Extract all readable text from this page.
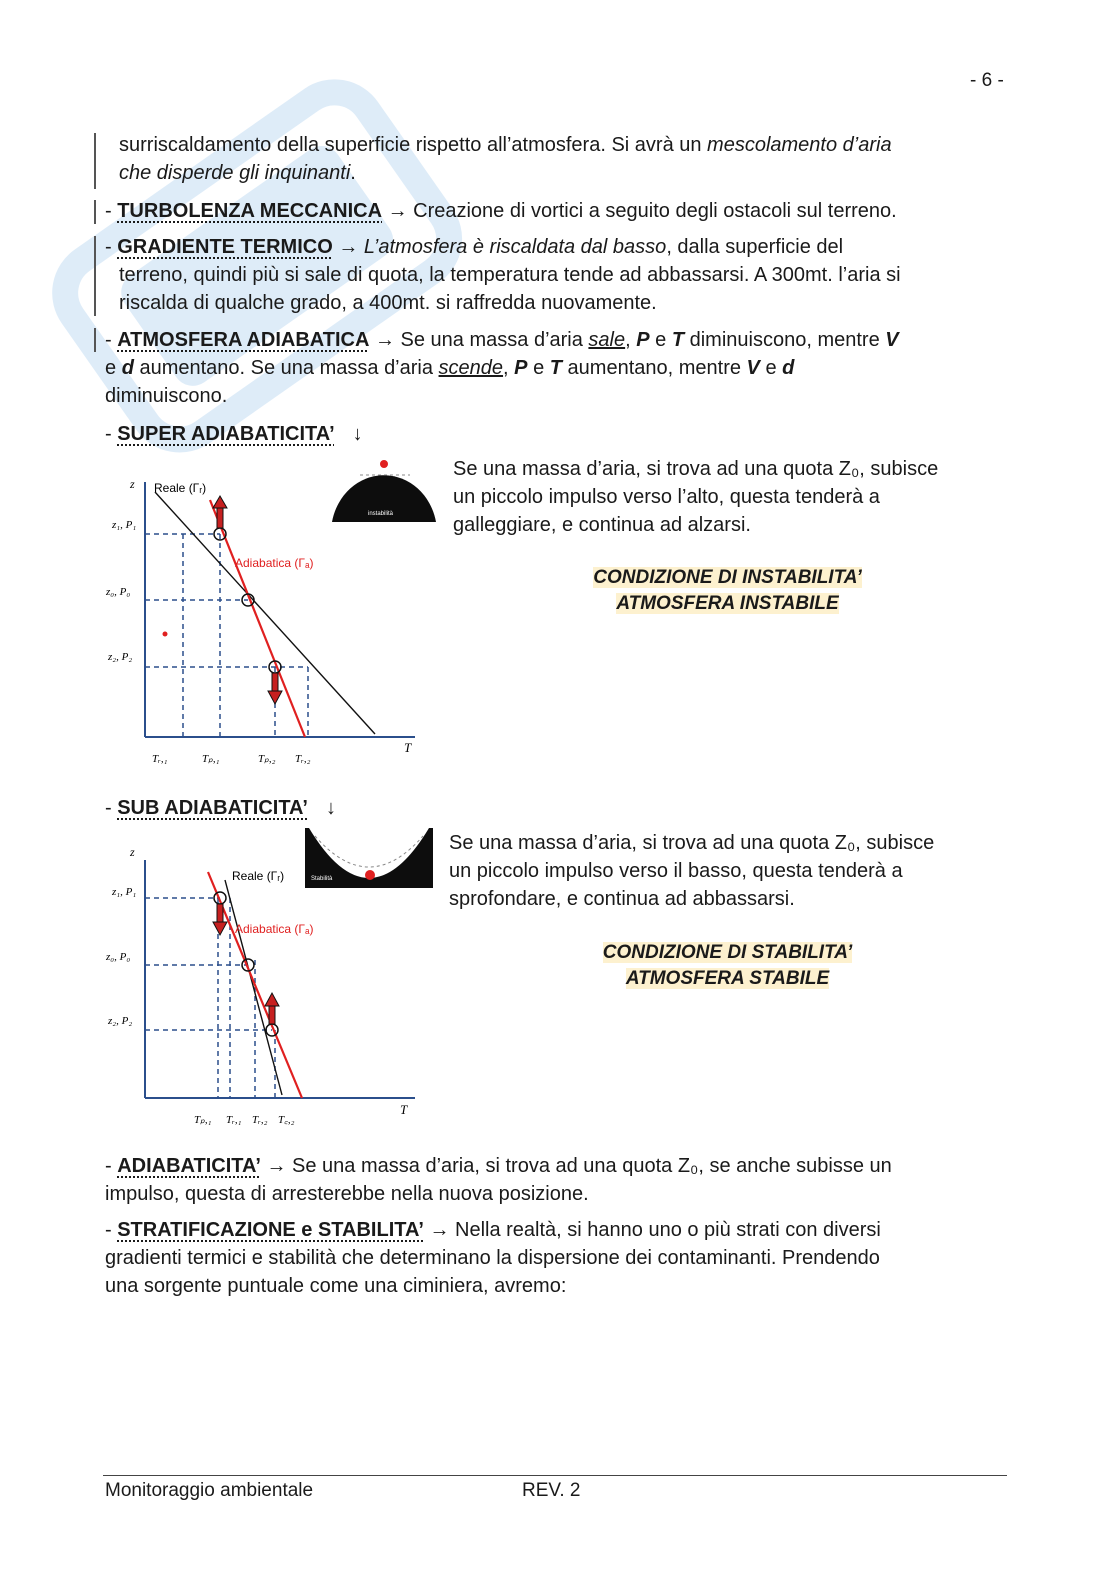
- 6 -
surriscaldamento della superficie rispetto all’atmosfera. Si avrà un mescolamento d’aria
che disperde gli inquinanti.
- TURBOLENZA MECCANICA → Creazione di vortici a seguito degli ostacoli sul terreno.
- GRADIENTE TERMICO → L’atmosfera è riscaldata dal basso, dalla superficie del
terreno, quindi più si sale di quota, la temperatura tende ad abbassarsi. A 300mt. l’aria si
riscalda di qualche grado, a 400mt. si raffredda nuovamente.
- ATMOSFERA ADIABATICA → Se una massa d’aria sale, P e T diminuiscono, mentre V
e d aumentano. Se una massa d’aria scende, P e T aumentano, mentre V e d
diminuiscono.
- SUPER ADIABATICITA’ ↓
z
T
Reale (Γᵣ)
Adiabatica (Γₐ)
z₁, P₁
z₀, P₀
z₂, P₂
Tᵣ,₁	Tₚ,₁	Tₚ,₂ Tᵣ,₂
instabilità
Se una massa d’aria, si trova ad una quota Z₀, subisce
un piccolo impulso verso l’alto, questa tenderà a
galleggiare, e continua ad alzarsi.
CONDIZIONE DI INSTABILITA’
ATMOSFERA INSTABILE
- SUB ADIABATICITA’ ↓
z
T
Reale (Γᵣ)
Adiabatica (Γₐ)
z₁, P₁
z₀, P₀
z₂, P₂
Tₚ,₁ Tᵣ,₁ Tᵣ,₂ T꜀,₂
Stabilità
Se una massa d’aria, si trova ad una quota Z₀, subisce
un piccolo impulso verso il basso, questa tenderà a
sprofondare, e continua ad abbassarsi.
CONDIZIONE DI STABILITA’
ATMOSFERA STABILE
- ADIABATICITA’ → Se una massa d’aria, si trova ad una quota Z₀, se anche subisse un
impulso, questa di arresterebbe nella nuova posizione.
- STRATIFICAZIONE e STABILITA’ → Nella realtà, si hanno uno o più strati con diversi
gradienti termici e stabilità che determinano la dispersione dei contaminanti. Prendendo
una sorgente puntuale come una ciminiera, avremo:
Monitoraggio ambientale	REV. 2
